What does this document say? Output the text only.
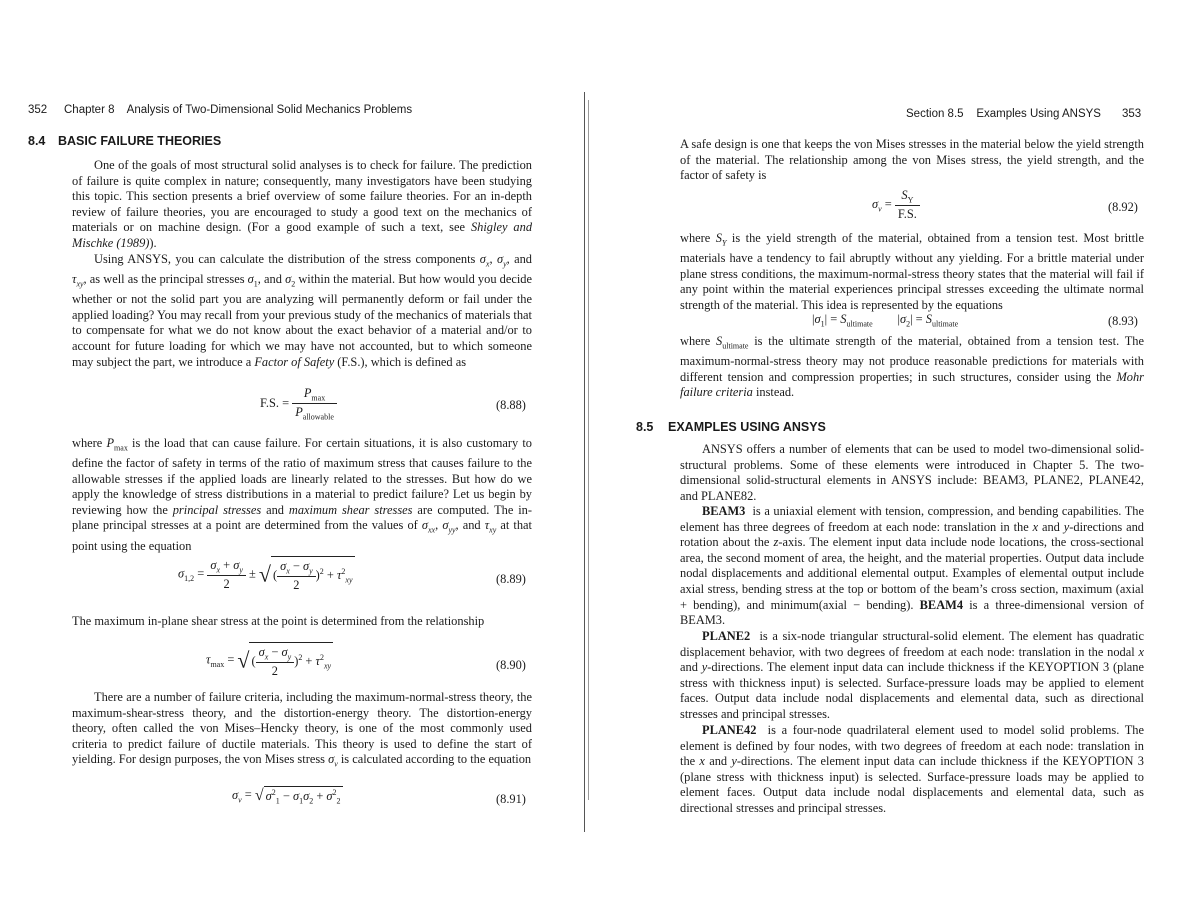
352 Chapter 8    Analysis of Two-Dimensional Solid Mechanics Problems
8.4 BASIC FAILURE THEORIES

One of the goals of most structural solid analyses is to check for failure. The prediction of failure is quite complex in nature; consequently, many investigators have been studying this topic. This section presents a brief overview of some failure theories. For an in-depth review of failure theories, you are encouraged to study a good text on the mechanics of materials or on machine design. (For a good example of such a text, see Shigley and Mischke (1989)).

Using ANSYS, you can calculate the distribution of the stress components $\sigma_x$, $\sigma_y$, and $\tau_{xy}$, as well as the principal stresses $\sigma_1$, and $\sigma_2$ within the material. But how would you decide whether or not the solid part you are analyzing will permanently deform or fail under the applied loading? You may recall from your previous study of the mechanics of materials that to compensate for what we do not know about the exact behavior of a material and/or to account for future loading for which we may have not accounted, but to which someone may subject the part, we introduce a Factor of Safety (F.S.), which is defined as

F.S. = $\frac{P_{max}}{P_{allowable}}$	(8.88)

where $P_{max}$ is the load that can cause failure. For certain situations, it is also customary to define the factor of safety in terms of the ratio of maximum stress that causes failure to the allowable stresses if the applied loads are linearly related to the stresses. But how do we apply the knowledge of stress distributions in a material to predict failure? Let us begin by reviewing how the principal stresses and maximum shear stresses are computed. The in-plane principal stresses at a point are determined from the values of $\sigma_{xx}$, $\sigma_{yy}$, and $\tau_{xy}$ at that point using the equation

$\sigma_{1,2} = \frac{\sigma_x + \sigma_y}{2}$ ± √ ( $\frac{\sigma_x - \sigma_y}{2} )^2 + \tau^2_{xy}$	(8.89)

The maximum in-plane shear stress at the point is determined from the relationship

$\tau_{max}$ = √ ( $\frac{\sigma_x - \sigma_y}{2} )^2 + \tau^2_{xy}$	(8.90)

There are a number of failure criteria, including the maximum-normal-stress theory, the maximum-shear-stress theory, and the distortion-energy theory. The distortion-energy theory, often called the von Mises–Hencky theory, is one of the most commonly used criteria to predict failure of ductile materials. This theory is used to define the start of yielding. For design purposes, the von Mises stress $\sigma_v$ is calculated according to the equation

$\sigma_v$ = √ $\sigma^2_1 - \sigma_1\sigma_2 + \sigma^2_2$	(8.91)
Section 8.5    Examples Using ANSYS 353

A safe design is one that keeps the von Mises stresses in the material below the yield strength of the material. The relationship among the von Mises stress, the yield strength, and the factor of safety is

$\sigma_v = \frac{S_Y}{F.S.}$	(8.92)

where $S_Y$ is the yield strength of the material, obtained from a tension test. Most brittle materials have a tendency to fail abruptly without any yielding. For a brittle material under plane stress conditions, the maximum-normal-stress theory states that the material will fail if any point within the material experiences principal stresses exceeding the ultimate normal strength of the material. This idea is represented by the equations

$|\sigma_1| = S_{ultimate}$        $|\sigma_2| = S_{ultimate}$	(8.93)

where $S_{ultimate}$ is the ultimate strength of the material, obtained from a tension test. The maximum-normal-stress theory may not produce reasonable predictions for materials with different tension and compression properties; in such structures, consider using the Mohr failure criteria instead.

8.5 EXAMPLES USING ANSYS

ANSYS offers a number of elements that can be used to model two-dimensional solid-structural problems. Some of these elements were introduced in Chapter 5. The two-dimensional solid-structural elements in ANSYS include: BEAM3, PLANE2, PLANE42, and PLANE82.

BEAM3  is a uniaxial element with tension, compression, and bending capabilities. The element has three degrees of freedom at each node: translation in the x and y-directions and rotation about the z-axis. The element input data include node locations, the cross-sectional area, the second moment of area, the height, and the material properties. Output data include nodal displacements and additional elemental output. Examples of elemental output include axial stress, bending stress at the top or bottom of the beam’s cross section, maximum (axial + bending), and minimum(axial − bending). BEAM4 is a three-dimensional version of BEAM3.

PLANE2  is a six-node triangular structural-solid element. The element has quadratic displacement behavior, with two degrees of freedom at each node: translation in the nodal x and y-directions. The element input data can include thickness if the KEYOPTION 3 (plane stress with thickness input) is selected. Surface-pressure loads may be applied to element faces. Output data include nodal displacements and elemental data, such as directional stresses and principal stresses.

PLANE42  is a four-node quadrilateral element used to model solid problems. The element is defined by four nodes, with two degrees of freedom at each node: translation in the x and y-directions. The element input data can include thickness if the KEYOPTION 3 (plane stress with thickness input) is selected. Surface-pressure loads may be applied to element faces. Output data include nodal displacements and elemental data, such as directional stresses and principal stresses.
